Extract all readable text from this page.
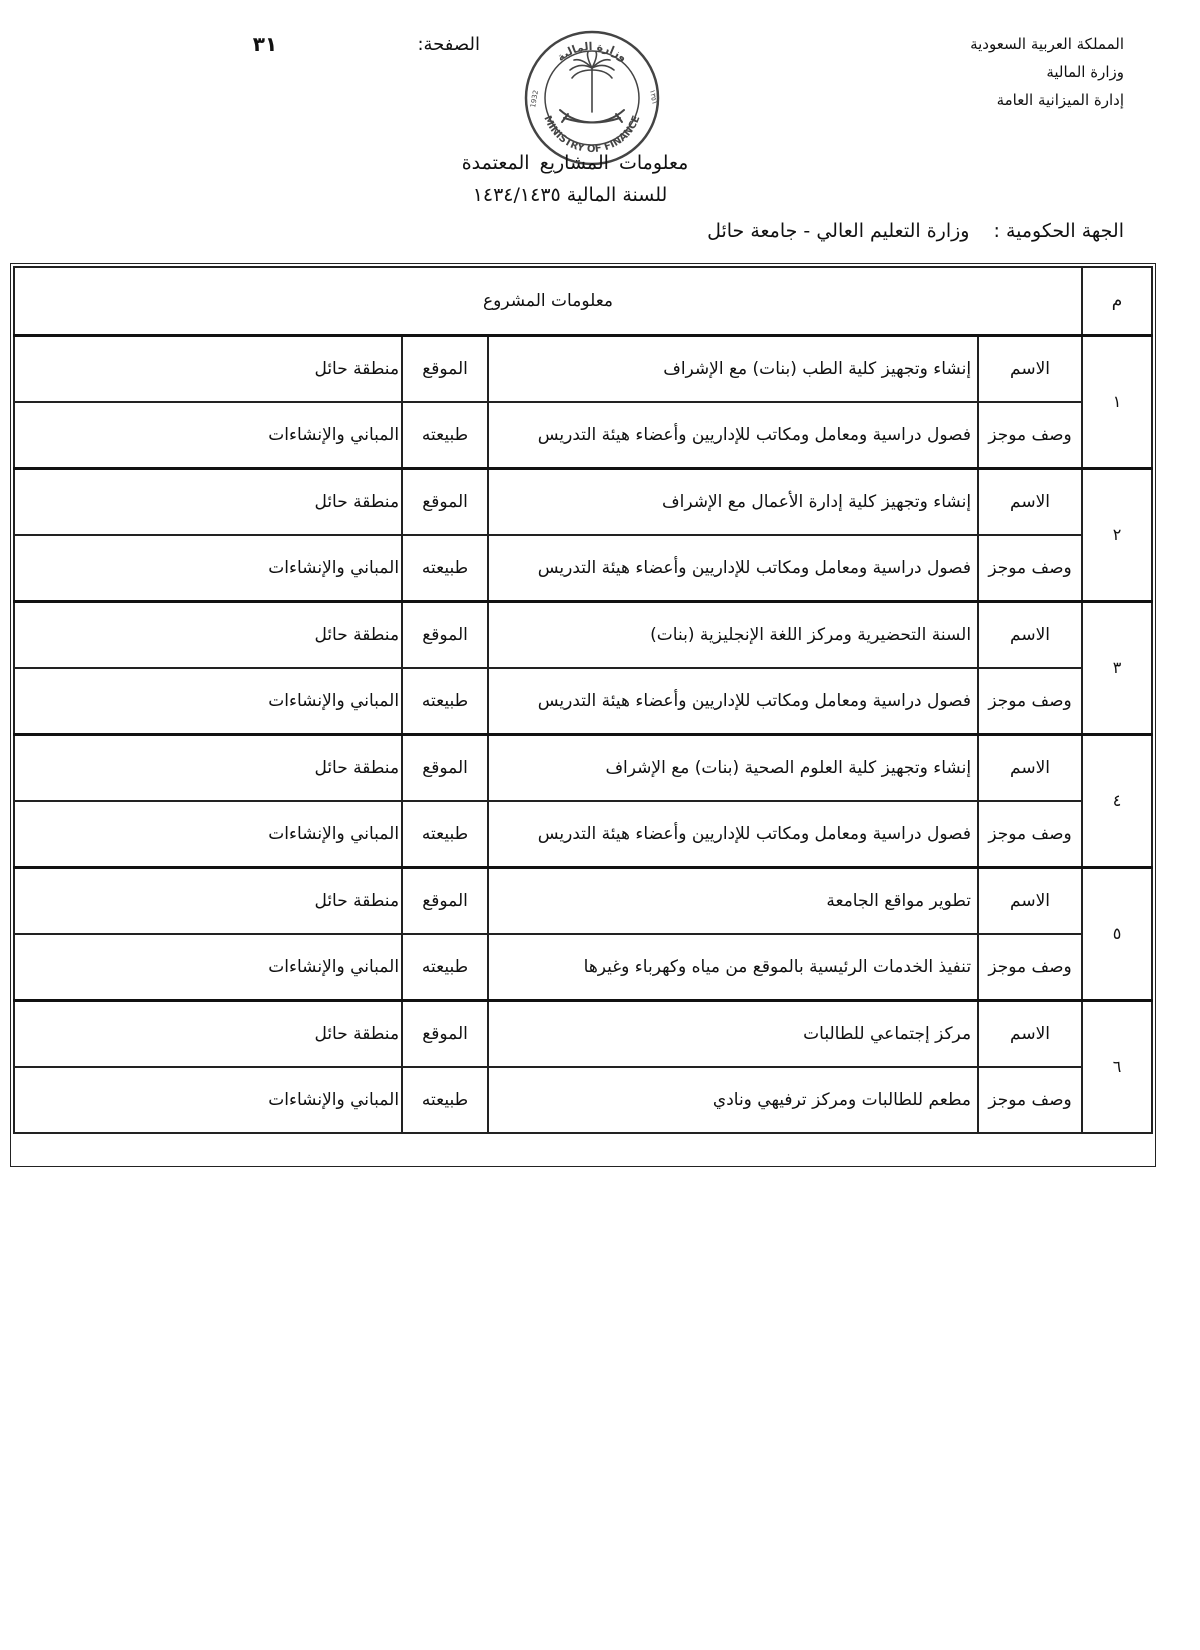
المملكة العربية السعودية
وزارة المالية
إدارة الميزانية العامة
الصفحة:
٣١
وزارة المالية
MINISTRY OF FINANCE
1932	١٣٥١
معلومات المشاريع المعتمدة
للسنة المالية ١٤٣٤/١٤٣٥
الجهة الحكومية : وزارة التعليم العالي - جامعة حائل
م	معلومات المشروع			
١	الاسم	إنشاء وتجهيز كلية الطب (بنات) مع الإشراف	الموقع	منطقة حائل
	وصف موجز	فصول دراسية ومعامل ومكاتب للإداريين وأعضاء هيئة التدريس	طبيعته	المباني والإنشاءات
٢	الاسم	إنشاء وتجهيز كلية إدارة الأعمال مع الإشراف	الموقع	منطقة حائل
	وصف موجز	فصول دراسية ومعامل ومكاتب للإداريين وأعضاء هيئة التدريس	طبيعته	المباني والإنشاءات
٣	الاسم	السنة التحضيرية ومركز اللغة الإنجليزية (بنات)	الموقع	منطقة حائل
	وصف موجز	فصول دراسية ومعامل ومكاتب للإداريين وأعضاء هيئة التدريس	طبيعته	المباني والإنشاءات
٤	الاسم	إنشاء وتجهيز كلية العلوم الصحية (بنات) مع الإشراف	الموقع	منطقة حائل
	وصف موجز	فصول دراسية ومعامل ومكاتب للإداريين وأعضاء هيئة التدريس	طبيعته	المباني والإنشاءات
٥	الاسم	تطوير مواقع الجامعة	الموقع	منطقة حائل
	وصف موجز	تنفيذ الخدمات الرئيسية بالموقع من مياه وكهرباء وغيرها	طبيعته	المباني والإنشاءات
٦	الاسم	مركز إجتماعي للطالبات	الموقع	منطقة حائل
	وصف موجز	مطعم للطالبات ومركز ترفيهي ونادي	طبيعته	المباني والإنشاءات
